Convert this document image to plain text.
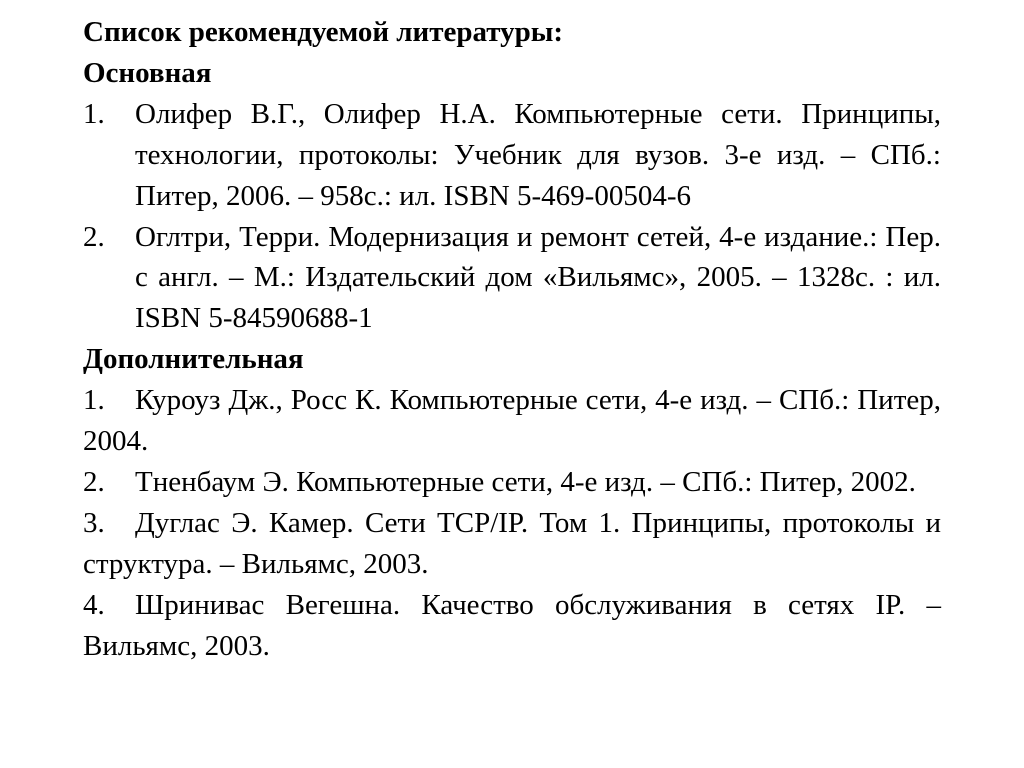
Список рекомендуемой литературы:
Основная
1.	Олифер В.Г., Олифер Н.А. Компьютерные сети. Принципы, технологии, протоколы: Учебник для вузов. 3-е изд. – СПб.: Питер, 2006. – 958с.: ил. ISBN 5-469-00504-6
2.	Оглтри, Терри. Модернизация и ремонт сетей, 4-е издание.: Пер. с англ. – М.: Издательский дом «Вильямс», 2005. – 1328с. : ил. ISBN 5-84590688-1
Дополнительная
1. Куроуз Дж., Росс К. Компьютерные сети, 4-е изд. – СПб.: Питер, 2004.
2. Тненбаум Э. Компьютерные сети, 4-е изд. – СПб.: Питер, 2002.
3. Дуглас Э. Камер. Сети TCP/IP. Том 1. Принципы, протоколы и структура. – Вильямс, 2003.
4. Шринивас Вегешна. Качество обслуживания в сетях IP. – Вильямс, 2003.
